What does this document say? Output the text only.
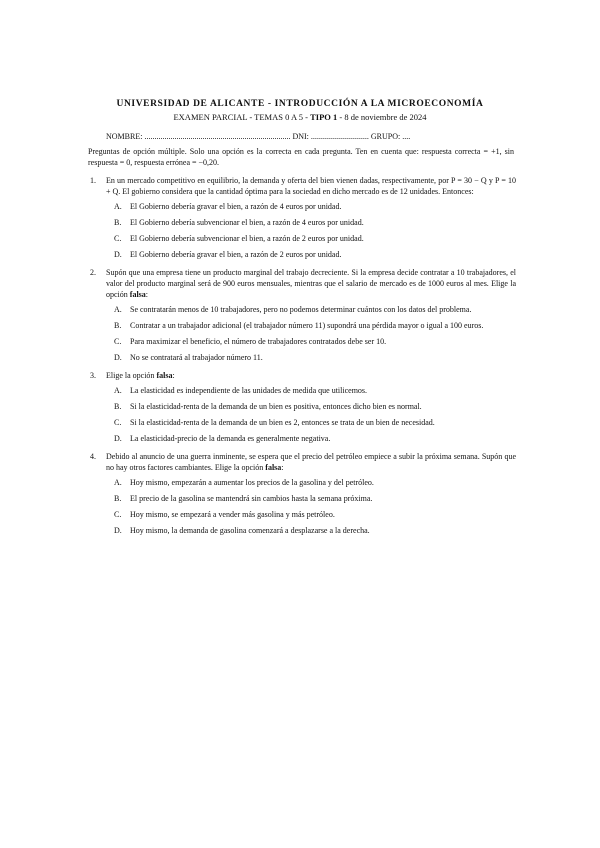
UNIVERSIDAD DE ALICANTE - INTRODUCCIÓN A LA MICROECONOMÍA

EXAMEN PARCIAL - TEMAS 0 A 5 - TIPO 1 - 8 de noviembre de 2024

NOMBRE: ......................................................................... DNI: ............................. GRUPO: ....
Preguntas de opción múltiple. Solo una opción es la correcta en cada pregunta. Ten en cuenta que: respuesta correcta = +1, sin respuesta = 0, respuesta errónea = −0,20.
1. En un mercado competitivo en equilibrio, la demanda y oferta del bien vienen dadas, respectivamente, por P = 30 − Q y P = 10 + Q. El gobierno considera que la cantidad óptima para la sociedad en dicho mercado es de 12 unidades. Entonces:

A. El Gobierno debería gravar el bien, a razón de 4 euros por unidad.
B. El Gobierno debería subvencionar el bien, a razón de 4 euros por unidad.
C. El Gobierno debería subvencionar el bien, a razón de 2 euros por unidad.
D. El Gobierno debería gravar el bien, a razón de 2 euros por unidad.
2. Supón que una empresa tiene un producto marginal del trabajo decreciente. Si la empresa decide contratar a 10 trabajadores, el valor del producto marginal será de 900 euros mensuales, mientras que el salario de mercado es de 1000 euros al mes. Elige la opción falsa:

A. Se contratarán menos de 10 trabajadores, pero no podemos determinar cuántos con los datos del problema.
B. Contratar a un trabajador adicional (el trabajador número 11) supondrá una pérdida mayor o igual a 100 euros.
C. Para maximizar el beneficio, el número de trabajadores contratados debe ser 10.
D. No se contratará al trabajador número 11.
3. Elige la opción falsa:

A. La elasticidad es independiente de las unidades de medida que utilicemos.
B. Si la elasticidad-renta de la demanda de un bien es positiva, entonces dicho bien es normal.
C. Si la elasticidad-renta de la demanda de un bien es 2, entonces se trata de un bien de necesidad.
D. La elasticidad-precio de la demanda es generalmente negativa.
4. Debido al anuncio de una guerra inminente, se espera que el precio del petróleo empiece a subir la próxima semana. Supón que no hay otros factores cambiantes. Elige la opción falsa:

A. Hoy mismo, empezarán a aumentar los precios de la gasolina y del petróleo.
B. El precio de la gasolina se mantendrá sin cambios hasta la semana próxima.
C. Hoy mismo, se empezará a vender más gasolina y más petróleo.
D. Hoy mismo, la demanda de gasolina comenzará a desplazarse a la derecha.
